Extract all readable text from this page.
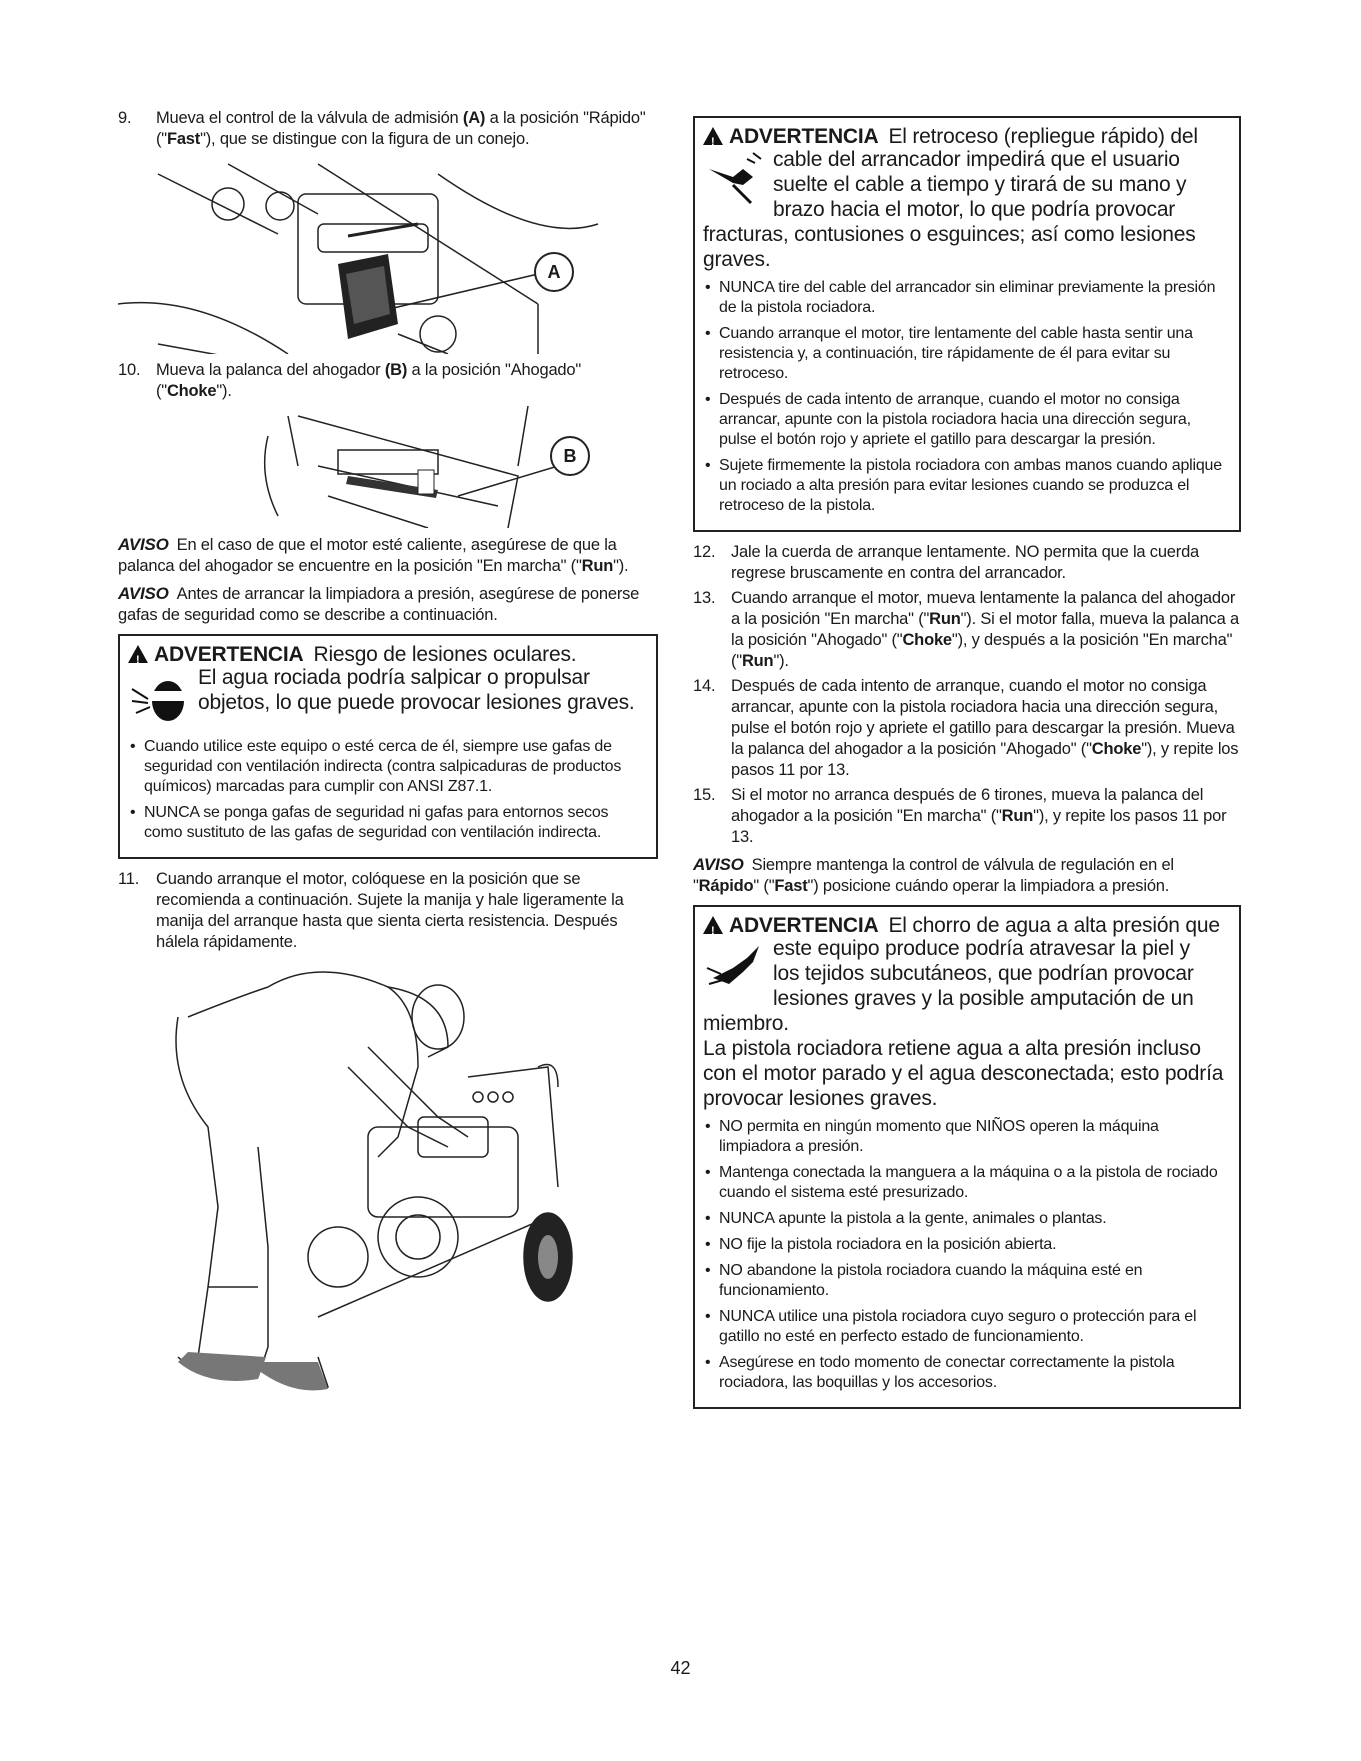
9.	Mueva el control de la válvula de admisión (A) a la posición "Rápido" ("Fast"), que se distingue con la figura de un conejo.
A
10. Mueva la palanca del ahogador (B) a la posición "Ahogado" ("Choke").
B

AVISO En el caso de que el motor esté caliente, asegúrese de que la palanca del ahogador se encuentre en la posición "En marcha" ("Run").

AVISO Antes de arrancar la limpiadora a presión, asegúrese de ponerse gafas de seguridad como se describe a continuación.

!ADVERTENCIA Riesgo de lesiones oculares.
El agua rociada podría salpicar o propulsar
objetos, lo que puede provocar lesiones graves.
• Cuando utilice este equipo o esté cerca de él, siempre use gafas de seguridad con ventilación indirecta (contra salpicaduras de productos químicos) marcadas para cumplir con ANSI Z87.1.
• NUNCA se ponga gafas de seguridad ni gafas para entornos secos como sustituto de las gafas de seguridad con ventilación indirecta.
11.	Cuando arranque el motor, colóquese en la posición que se recomienda a continuación. Sujete la manija y hale ligeramente la manija del arranque hasta que sienta cierta resistencia. Después hálela rápidamente.
!ADVERTENCIA El retroceso (repliegue rápido) del
cable del arrancador impedirá que el usuario
suelte el cable a tiempo y tirará de su mano y
brazo hacia el motor, lo que podría provocar
fracturas, contusiones o esguinces; así como lesiones graves.
• NUNCA tire del cable del arrancador sin eliminar previamente la presión de la pistola rociadora.
• Cuando arranque el motor, tire lentamente del cable hasta sentir una resistencia y, a continuación, tire rápidamente de él para evitar su retroceso.
• Después de cada intento de arranque, cuando el motor no consiga arrancar, apunte con la pistola rociadora hacia una dirección segura, pulse el botón rojo y apriete el gatillo para descargar la presión.
• Sujete firmemente la pistola rociadora con ambas manos cuando aplique un rociado a alta presión para evitar lesiones cuando se produzca el retroceso de la pistola.
12. Jale la cuerda de arranque lentamente. NO permita que la cuerda regrese bruscamente en contra del arrancador.
13. Cuando arranque el motor, mueva lentamente la palanca del ahogador a la posición "En marcha" ("Run"). Si el motor falla, mueva la palanca a la posición "Ahogado" ("Choke"), y después a la posición "En marcha" ("Run").
14. Después de cada intento de arranque, cuando el motor no consiga arrancar, apunte con la pistola rociadora hacia una dirección segura, pulse el botón rojo y apriete el gatillo para descargar la presión. Mueva la palanca del ahogador a la posición "Ahogado" ("Choke"), y repite los pasos 11 por 13.
15. Si el motor no arranca después de 6 tirones, mueva la palanca del ahogador a la posición "En marcha" ("Run"), y repite los pasos 11 por 13.

AVISO Siempre mantenga la control de válvula de regulación en el "Rápido" ("Fast") posicione cuándo operar la limpiadora a presión.

!ADVERTENCIA El chorro de agua a alta presión que
este equipo produce podría atravesar la piel y
los tejidos subcutáneos, que podrían provocar
lesiones graves y la posible amputación de un
miembro.
La pistola rociadora retiene agua a alta presión incluso con el motor parado y el agua desconectada; esto podría provocar lesiones graves.
• NO permita en ningún momento que NIÑOS operen la máquina limpiadora a presión.
• Mantenga conectada la manguera a la máquina o a la pistola de rociado cuando el sistema esté presurizado.
• NUNCA apunte la pistola a la gente, animales o plantas.
• NO fije la pistola rociadora en la posición abierta.
• NO abandone la pistola rociadora cuando la máquina esté en funcionamiento.
• NUNCA utilice una pistola rociadora cuyo seguro o protección para el gatillo no esté en perfecto estado de funcionamiento.
• Asegúrese en todo momento de conectar correctamente la pistola rociadora, las boquillas y los accesorios.
42
